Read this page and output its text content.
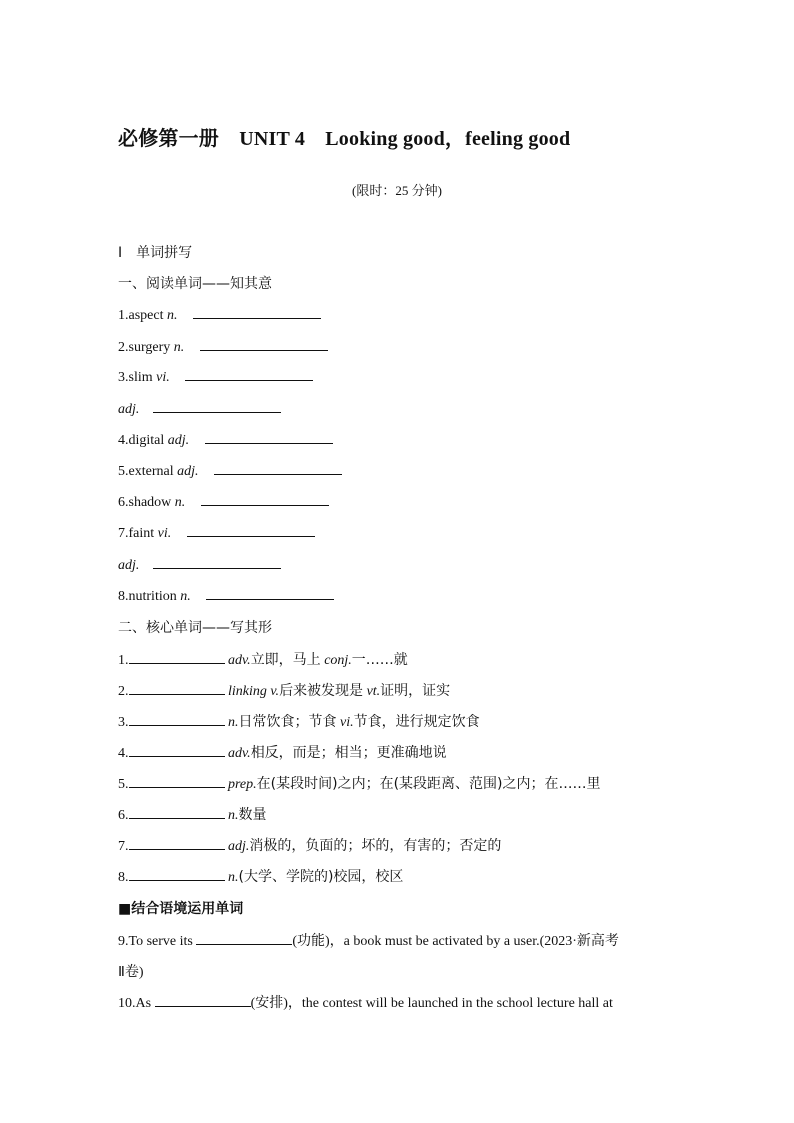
必修第一册　UNIT 4　Looking good，feeling good
(限时：25 分钟)
Ⅰ　单词拼写
一、阅读单词——知其意
1.aspect n.
2.surgery n.
3.slim vi.
adj.
4.digital adj.
5.external adj.
6.shadow n.
7.faint vi.
adj.
8.nutrition n.
二、核心单词——写其形
1.	adv.立即，马上 conj.一……就
2.	linking v.后来被发现是 vt.证明，证实
3.	n.日常饮食；节食 vi.节食，进行规定饮食
4.	adv.相反，而是；相当；更准确地说
5.	prep.在(某段时间)之内；在(某段距离、范围)之内；在……里
6.	n.数量
7.	adj.消极的，负面的；坏的，有害的；否定的
8.	n.(大学、学院的)校园，校区
■结合语境运用单词
9.To serve its	(功能)，a book must be activated by a user.(2023·新高考
Ⅱ卷)
10.As	(安排)，the contest will be launched in the school lecture hall at
